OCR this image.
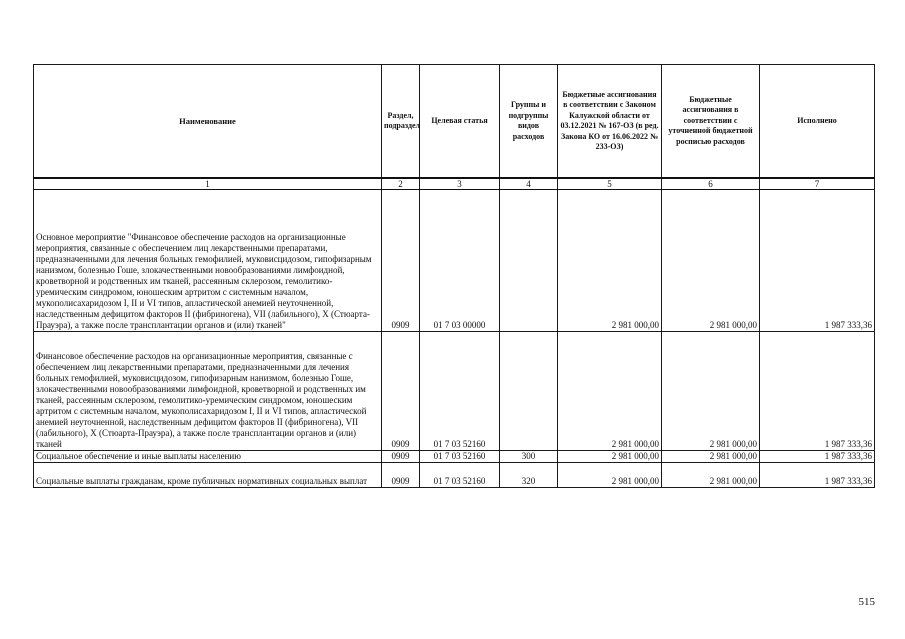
Наименование	Раздел, подраздел	Целевая статья	Группы и подгруппы видов расходов	Бюджетные ассигнования в соответствии с Законом Калужской области от 03.12.2021 № 167-ОЗ (в ред. Закона КО от 16.06.2022 № 233-ОЗ)	Бюджетные ассигнования в соответствии с уточненной бюджетной росписью расходов	Исполнено
1	2	3	4	5	6	7
Основное мероприятие "Финансовое обеспечение расходов на организационные мероприятия, связанные с обеспечением лиц лекарственными препаратами, предназначенными для лечения больных гемофилией, муковисцидозом, гипофизарным нанизмом, болезнью Гоше, злокачественными новообразованиями лимфоидной, кроветворной и родственных им тканей, рассеянным склерозом, гемолитико-уремическим синдромом, юношеским артритом с системным началом, мукополисахаридозом I, II и VI типов, апластической анемией неуточненной, наследственным дефицитом факторов II (фибриногена), VII (лабильного), X (Стюарта-Прауэра), а также после трансплантации органов и (или) тканей"	0909	01 7 03 00000		2 981 000,00	2 981 000,00	1 987 333,36
Финансовое обеспечение расходов на организационные мероприятия, связанные с обеспечением лиц лекарственными препаратами, предназначенными для лечения больных гемофилией, муковисцидозом, гипофизарным нанизмом, болезнью Гоше, злокачественными новообразованиями лимфоидной, кроветворной и родственных им тканей, рассеянным склерозом, гемолитико-уремическим синдромом, юношеским артритом с системным началом, мукополисахаридозом I, II и VI типов, апластической анемией неуточненной, наследственным дефицитом факторов II (фибриногена), VII (лабильного), X (Стюарта-Прауэра), а также после трансплантации органов и (или) тканей	0909	01 7 03 52160		2 981 000,00	2 981 000,00	1 987 333,36
Социальное обеспечение и иные выплаты населению	0909	01 7 03 52160	300	2 981 000,00	2 981 000,00	1 987 333,36
Социальные выплаты гражданам, кроме публичных нормативных социальных выплат	0909	01 7 03 52160	320	2 981 000,00	2 981 000,00	1 987 333,36
515
